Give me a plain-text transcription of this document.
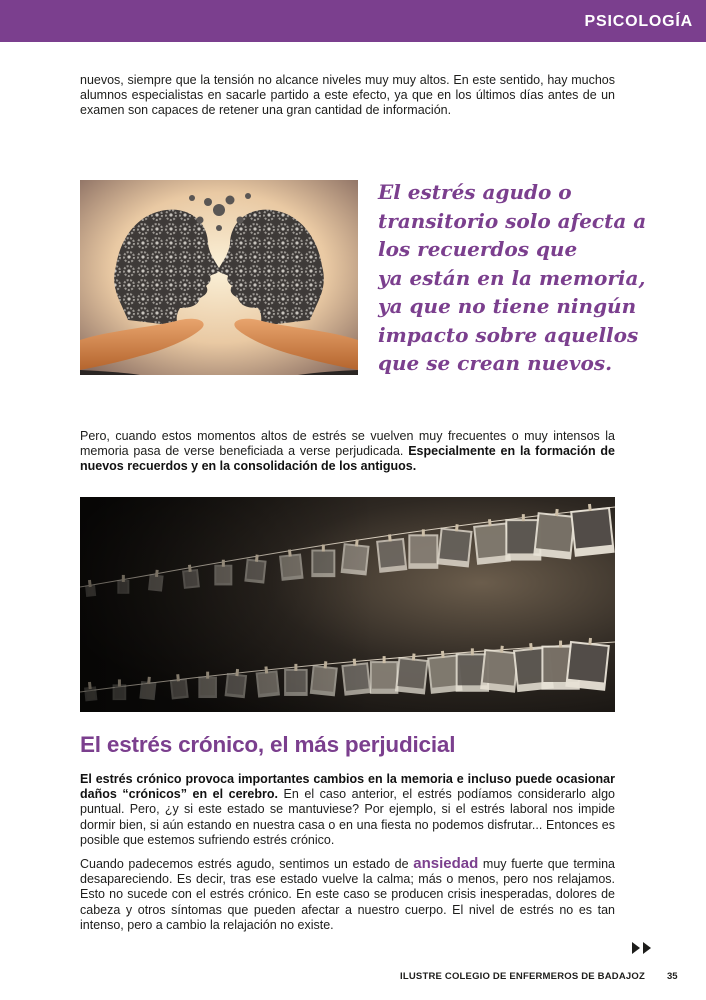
PSICOLOGÍA

nuevos, siempre que la tensión no alcance niveles muy muy altos. En este sentido, hay muchos alumnos especialistas en sacarle partido a este efecto, ya que en los últimos días antes de un examen son capaces de retener una gran cantidad de información.

El estrés agudo o
transitorio solo afecta a
los recuerdos que
ya están en la memoria,
ya que no tiene ningún
impacto sobre aquellos
que se crean nuevos.

Pero, cuando estos momentos altos de estrés se vuelven muy frecuentes o muy intensos la memoria pasa de verse beneficiada a verse perjudicada. Especialmente en la formación de nuevos recuerdos y en la consolidación de los antiguos.

El estrés crónico, el más perjudicial

El estrés crónico provoca importantes cambios en la memoria e incluso puede ocasionar daños “crónicos” en el cerebro. En el caso anterior, el estrés podíamos considerarlo algo puntual. Pero, ¿y si este estado se mantuviese? Por ejemplo, si el estrés laboral nos impide dormir bien, si aún estando en nuestra casa o en una fiesta no podemos disfrutar... Entonces es posible que estemos sufriendo estrés crónico.

Cuando padecemos estrés agudo, sentimos un estado de ansiedad muy fuerte que termina desapareciendo. Es decir, tras ese estado vuelve la calma; más o menos, pero nos relajamos. Esto no sucede con el estrés crónico. En este caso se producen crisis inesperadas, dolores de cabeza y otros síntomas que pueden afectar a nuestro cuerpo. El nivel de estrés no es tan intenso, pero a cambio la relajación no existe.

ILUSTRE COLEGIO DE ENFERMEROS DE BADAJOZ 35
